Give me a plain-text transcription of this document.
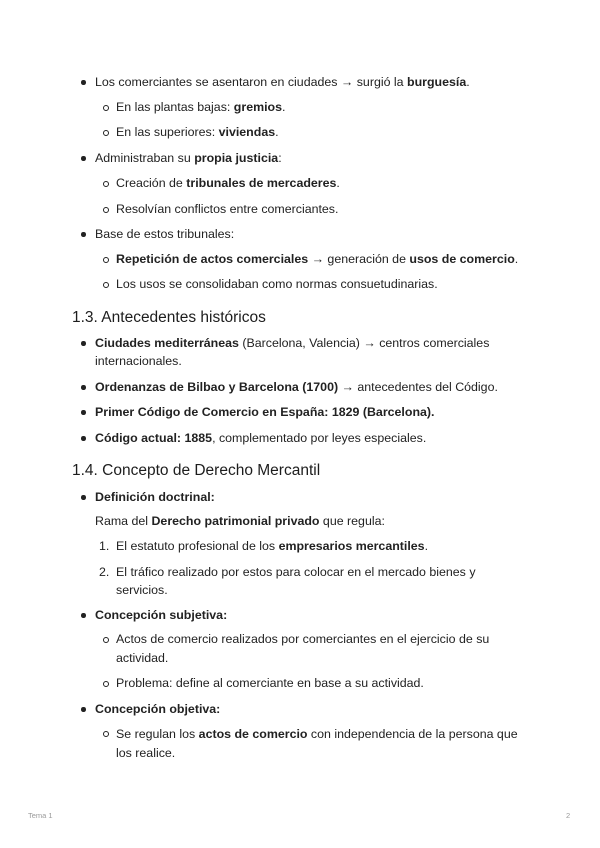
Los comerciantes se asentaron en ciudades → surgió la burguesía.
En las plantas bajas: gremios.
En las superiores: viviendas.
Administraban su propia justicia:
Creación de tribunales de mercaderes.
Resolvían conflictos entre comerciantes.
Base de estos tribunales:
Repetición de actos comerciales → generación de usos de comercio.
Los usos se consolidaban como normas consuetudinarias.
1.3. Antecedentes históricos
Ciudades mediterráneas (Barcelona, Valencia) → centros comerciales
internacionales.
Ordenanzas de Bilbao y Barcelona (1700) → antecedentes del Código.
Primer Código de Comercio en España: 1829 (Barcelona).
Código actual: 1885, complementado por leyes especiales.
1.4. Concepto de Derecho Mercantil
Definición doctrinal:
Rama del Derecho patrimonial privado que regula:
1. El estatuto profesional de los empresarios mercantiles.
2. El tráfico realizado por estos para colocar en el mercado bienes y
servicios.
Concepción subjetiva:
Actos de comercio realizados por comerciantes en el ejercicio de su
actividad.
Problema: define al comerciante en base a su actividad.
Concepción objetiva:
Se regulan los actos de comercio con independencia de la persona que
los realice.
Tema 1	2
